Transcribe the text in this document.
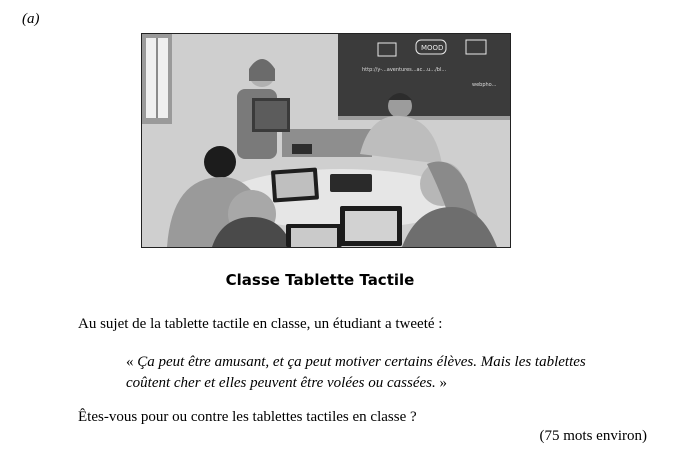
(a)
MOOD
http://y-...aventures...ac...u.../bl...
webpho...
Classe Tablette Tactile
Au sujet de la tablette tactile en classe, un étudiant a tweeté :
« Ça peut être amusant, et ça peut motiver certains élèves. Mais les tablettes
coûtent cher et elles peuvent être volées ou cassées. »
Êtes-vous pour ou contre les tablettes tactiles en classe ?
(75 mots environ)
